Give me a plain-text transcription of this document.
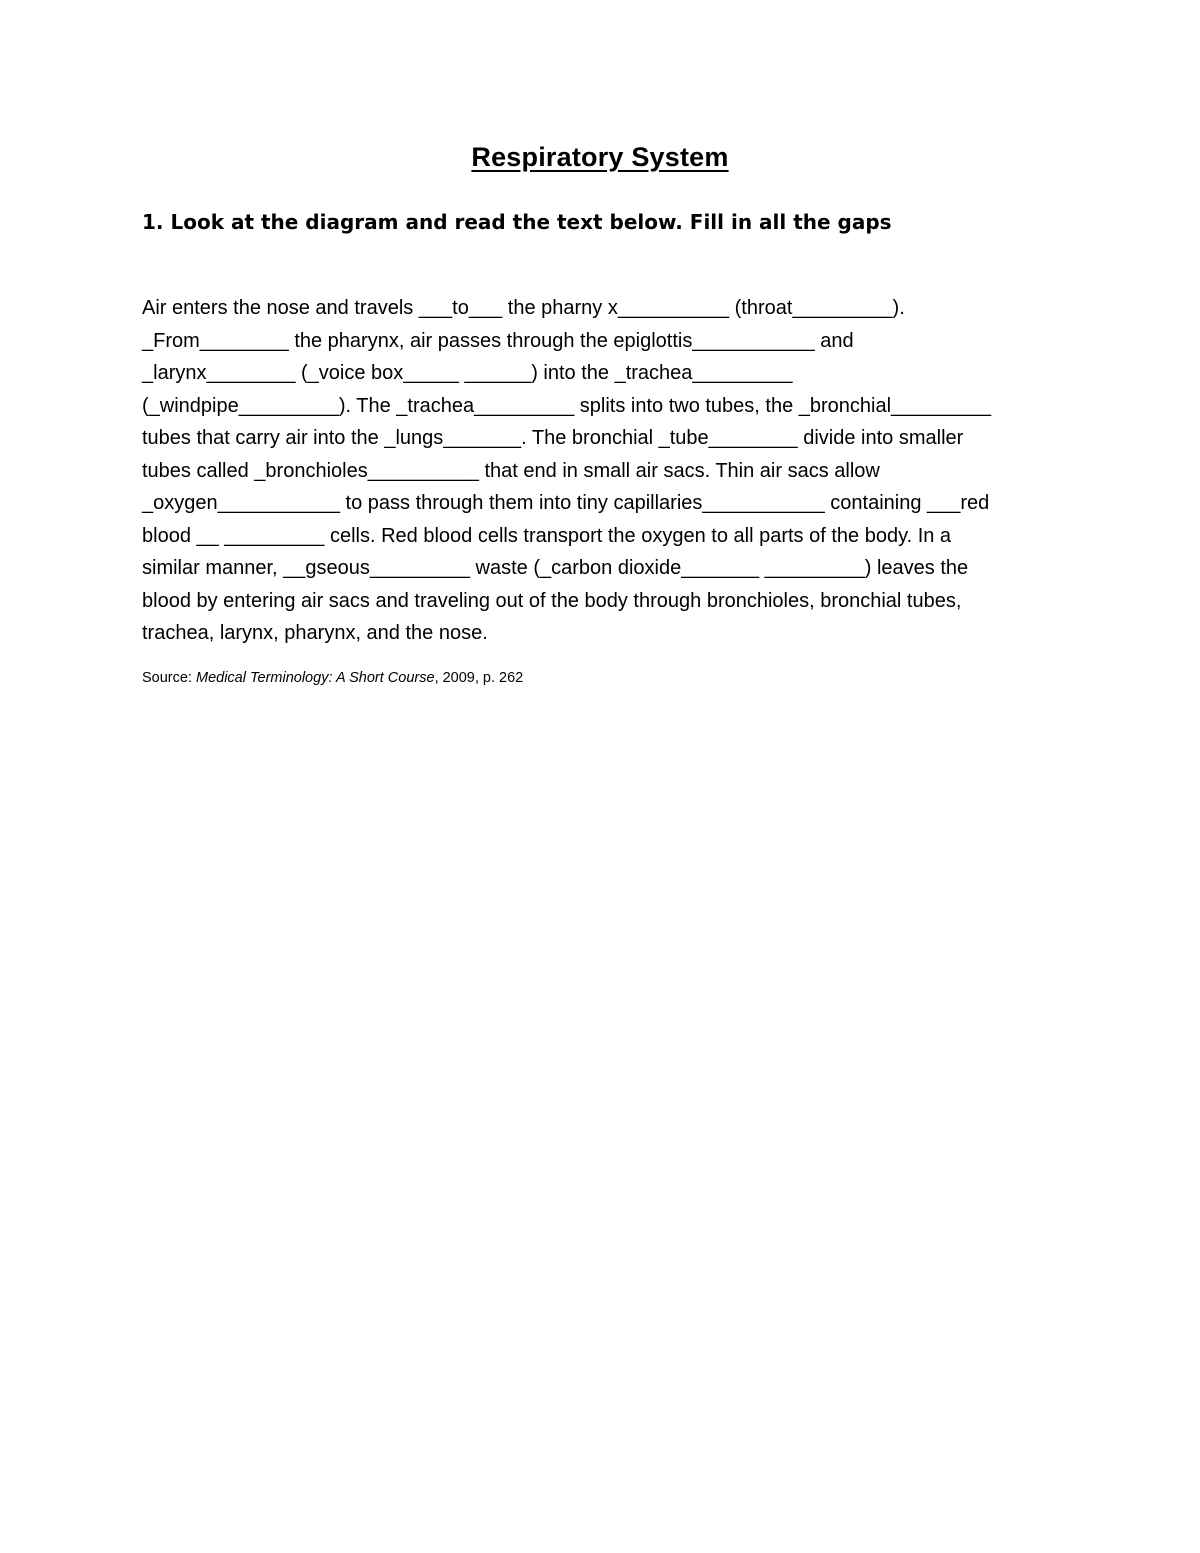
Respiratory System
1. Look at the diagram and read the text below. Fill in all the gaps
Air enters the nose and travels ___to___ the pharny x__________ (throat_________).
_From________ the pharynx, air passes through the epiglottis___________ and
_larynx________ (_voice box_____ ______) into the _trachea_________
(_windpipe_________). The _trachea_________ splits into two tubes, the _bronchial_________
tubes that carry air into the _lungs_______. The bronchial _tube________ divide into smaller
tubes called _bronchioles__________ that end in small air sacs. Thin air sacs allow
_oxygen___________ to pass through them into tiny capillaries___________ containing ___red
blood __ _________ cells. Red blood cells transport the oxygen to all parts of the body. In a
similar manner, __gseous_________ waste (_carbon dioxide_______ _________) leaves the
blood by entering air sacs and traveling out of the body through bronchioles, bronchial tubes,
trachea, larynx, pharynx, and the nose.
Source: Medical Terminology: A Short Course, 2009, p. 262
